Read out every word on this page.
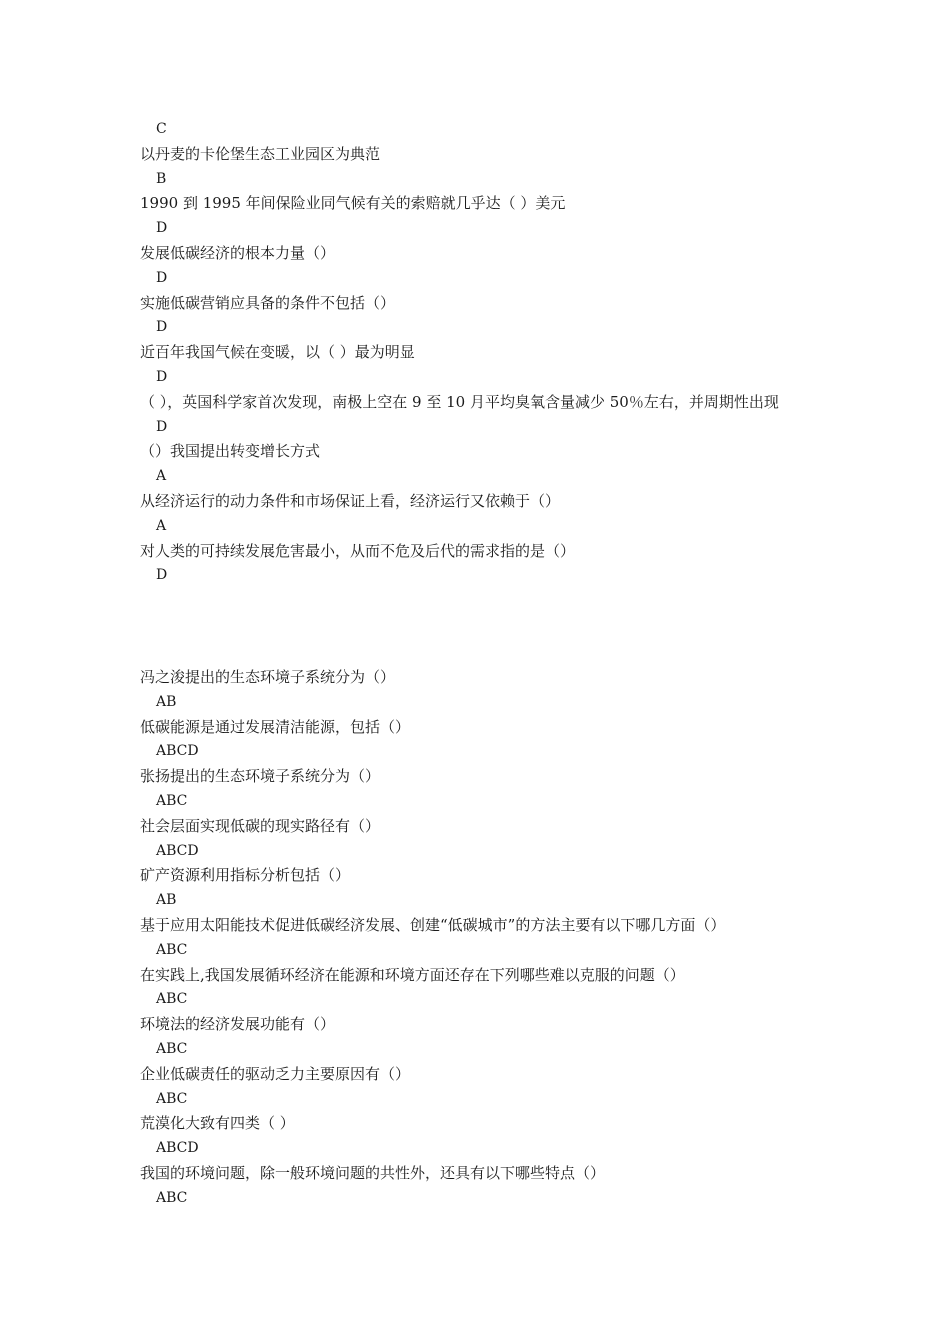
C
以丹麦的卡伦堡生态工业园区为典范
B
1990 到 1995 年间保险业同气候有关的索赔就几乎达（ ）美元
D
发展低碳经济的根本力量（）
D
实施低碳营销应具备的条件不包括（）
D
近百年我国气候在变暖，以（ ）最为明显
D
（ ），英国科学家首次发现，南极上空在 9 至 10 月平均臭氧含量减少 50％左右，并周期性出现
D
（）我国提出转变增长方式
A
从经济运行的动力条件和市场保证上看，经济运行又依赖于（）
A
对人类的可持续发展危害最小，从而不危及后代的需求指的是（）
D
冯之浚提出的生态环境子系统分为（）
AB
低碳能源是通过发展清洁能源，包括（）
ABCD
张扬提出的生态环境子系统分为（）
ABC
社会层面实现低碳的现实路径有（）
ABCD
矿产资源利用指标分析包括（）
AB
基于应用太阳能技术促进低碳经济发展、创建“低碳城市”的方法主要有以下哪几方面（）
ABC
在实践上,我国发展循环经济在能源和环境方面还存在下列哪些难以克服的问题（）
ABC
环境法的经济发展功能有（）
ABC
企业低碳责任的驱动乏力主要原因有（）
ABC
荒漠化大致有四类（ ）
ABCD
我国的环境问题，除一般环境问题的共性外，还具有以下哪些特点（）
ABC
